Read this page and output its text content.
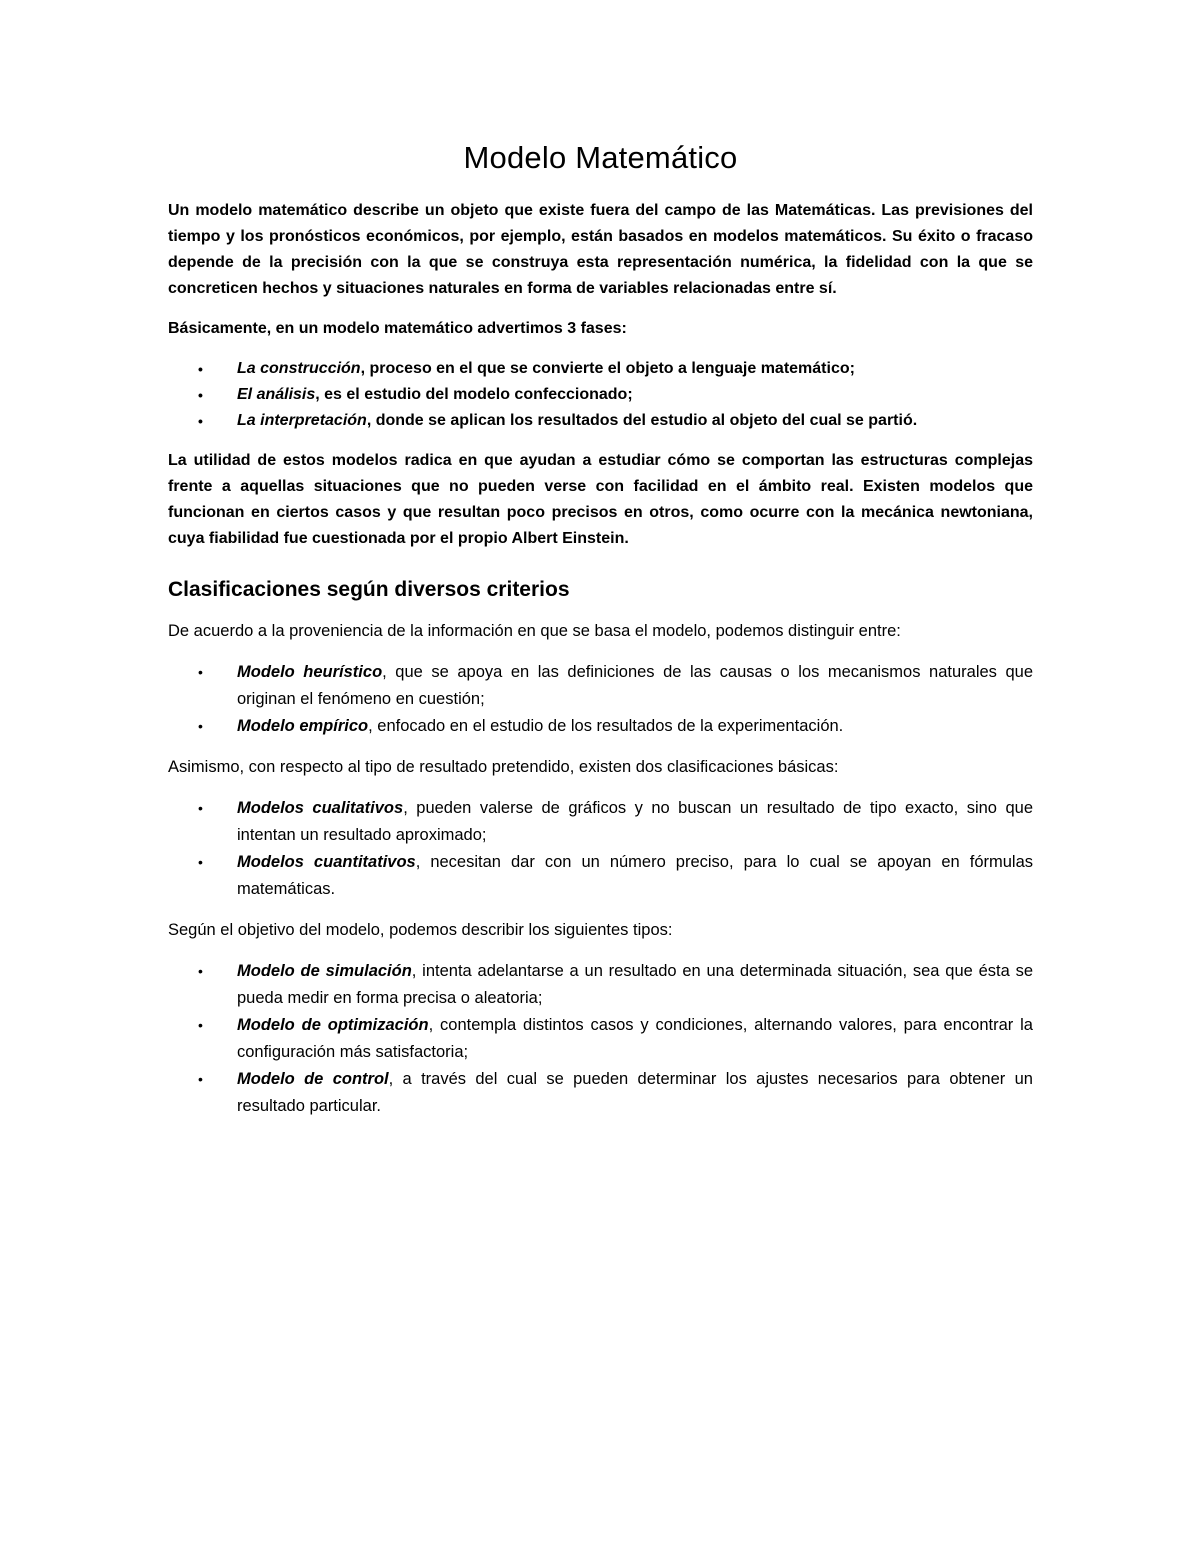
Modelo Matemático

Un modelo matemático describe un objeto que existe fuera del campo de las Matemáticas. Las previsiones del tiempo y los pronósticos económicos, por ejemplo, están basados en modelos matemáticos. Su éxito o fracaso depende de la precisión con la que se construya esta representación numérica, la fidelidad con la que se concreticen hechos y situaciones naturales en forma de variables relacionadas entre sí.

Básicamente, en un modelo matemático advertimos 3 fases:

• La construcción, proceso en el que se convierte el objeto a lenguaje matemático;
• El análisis, es el estudio del modelo confeccionado;
• La interpretación, donde se aplican los resultados del estudio al objeto del cual se partió.

La utilidad de estos modelos radica en que ayudan a estudiar cómo se comportan las estructuras complejas frente a aquellas situaciones que no pueden verse con facilidad en el ámbito real. Existen modelos que funcionan en ciertos casos y que resultan poco precisos en otros, como ocurre con la mecánica newtoniana, cuya fiabilidad fue cuestionada por el propio Albert Einstein.

Clasificaciones según diversos criterios

De acuerdo a la proveniencia de la información en que se basa el modelo, podemos distinguir entre:

• Modelo heurístico, que se apoya en las definiciones de las causas o los mecanismos naturales que originan el fenómeno en cuestión;
• Modelo empírico, enfocado en el estudio de los resultados de la experimentación.

Asimismo, con respecto al tipo de resultado pretendido, existen dos clasificaciones básicas:

• Modelos cualitativos, pueden valerse de gráficos y no buscan un resultado de tipo exacto, sino que intentan un resultado aproximado;
• Modelos cuantitativos, necesitan dar con un número preciso, para lo cual se apoyan en fórmulas matemáticas.

Según el objetivo del modelo, podemos describir los siguientes tipos:

• Modelo de simulación, intenta adelantarse a un resultado en una determinada situación, sea que ésta se pueda medir en forma precisa o aleatoria;
• Modelo de optimización, contempla distintos casos y condiciones, alternando valores, para encontrar la configuración más satisfactoria;
• Modelo de control, a través del cual se pueden determinar los ajustes necesarios para obtener un resultado particular.
